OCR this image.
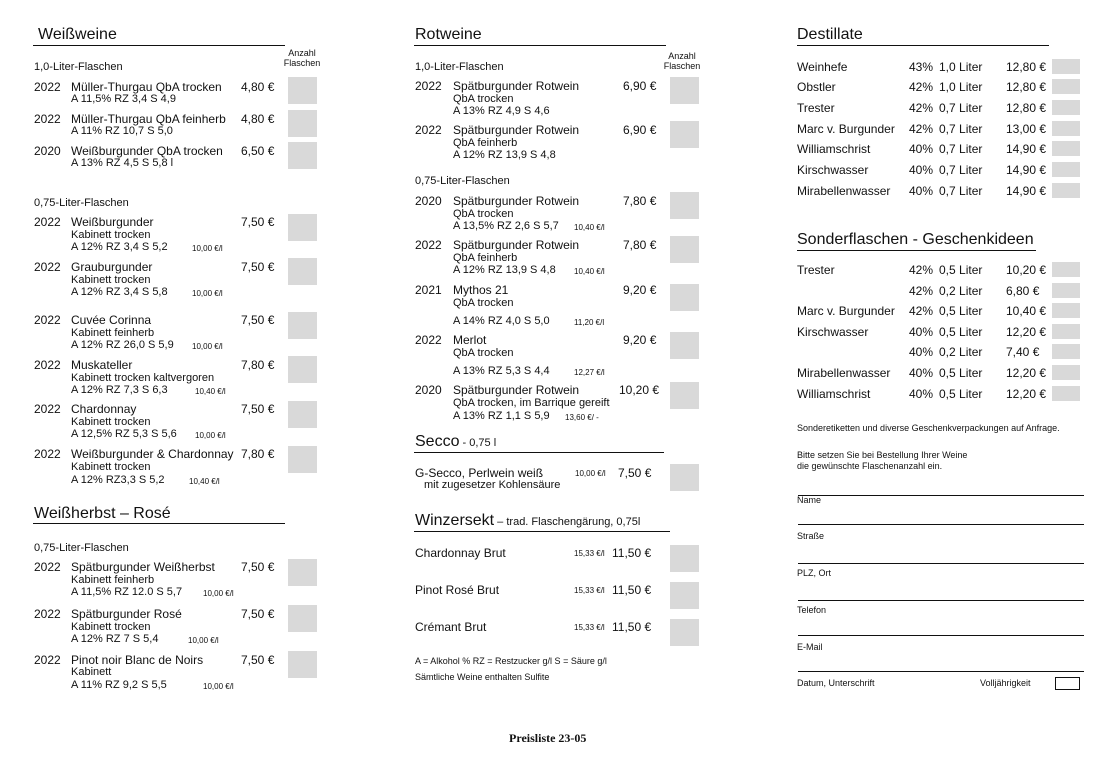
Weißweine
Anzahl Flaschen
1,0-Liter-Flaschen
2022 Müller-Thurgau QbA trocken
A 11,5% RZ 3,4 S 4,9
4,80 €
2022 Müller-Thurgau QbA feinherb
A 11% RZ 10,7 S 5,0
4,80 €
2020 Weißburgunder QbA trocken
A 13% RZ 4,5 S 5,8 l
6,50 €
0,75-Liter-Flaschen
2022 Weißburgunder
Kabinett trocken
A 12% RZ 3,4 S 5,2	10,00 €/l
7,50 €
2022 Grauburgunder
Kabinett trocken
A 12% RZ 3,4 S 5,8	10,00 €/l
7,50 €
2022 Cuvée Corinna
Kabinett feinherb
A 12% RZ 26,0 S 5,9 10,00 €/l
7,50 €
2022 Muskateller
Kabinett trocken kaltvergoren
A 12% RZ 7,3 S 6,3	10,40 €/l
7,80 €
2022 Chardonnay
Kabinett trocken
A 12,5% RZ 5,3 S 5,6 10,00 €/l
7,50 €
2022 Weißburgunder & Chardonnay
Kabinett trocken
A 12% RZ3,3 S 5,2	10,40 €/l
7,80 €
Weißherbst – Rosé
0,75-Liter-Flaschen
2022 Spätburgunder Weißherbst
Kabinett feinherb
A 11,5% RZ 12.0 S 5,7	10,00 €/l
7,50 €
2022 Spätburgunder Rosé
Kabinett trocken
A 12% RZ 7 S 5,4	10,00 €/l
7,50 €
2022 Pinot noir Blanc de Noirs
Kabinett
A 11% RZ 9,2 S 5,5	10,00 €/l
7,50 €
Rotweine
Anzahl Flaschen
1,0-Liter-Flaschen
2022 Spätburgunder Rotwein
QbA trocken
A 13% RZ 4,9 S 4,6
6,90 €
2022 Spätburgunder Rotwein
QbA feinherb
A 12% RZ 13,9 S 4,8
6,90 €
0,75-Liter-Flaschen
2020 Spätburgunder Rotwein
QbA trocken
A 13,5% RZ 2,6 S 5,7 10,40 €/l
7,80 €
2022 Spätburgunder Rotwein
QbA feinherb
A 12% RZ 13,9 S 4,8 10,40 €/l
7,80 €
2021 Mythos 21
QbA trocken
A 14% RZ 4,0 S 5,0	11,20 €/l
9,20 €
2022 Merlot
QbA trocken
A 13% RZ 5,3 S 4,4	12,27 €/l
9,20 €
2020 Spätburgunder Rotwein
QbA trocken, im Barrique gereift
A 13% RZ 1,1 S 5,9 13,60 €/ -
10,20 €
Secco - 0,75 l
G-Secco, Perlwein weiß
mit zugesetzer Kohlensäure
10,00 €/l 7,50 €
Winzersekt – trad. Flaschengärung, 0,75l
Chardonnay Brut	15,33 €/l 11,50 €
Pinot Rosé Brut	15,33 €/l 11,50 €
Crémant Brut	15,33 €/l 11,50 €
A = Alkohol % RZ = Restzucker g/l S = Säure g/l
Sämtliche Weine enthalten Sulfite
Destillate
Weinhefe	43% 1,0 Liter 12,80 €
Obstler	42% 1,0 Liter 12,80 €
Trester	42% 0,7 Liter 12,80 €
Marc v. Burgunder 42% 0,7 Liter 13,00 €
Williamschrist	40% 0,7 Liter 14,90 €
Kirschwasser	40% 0,7 Liter 14,90 €
Mirabellenwasser 40% 0,7 Liter 14,90 €
Sonderflaschen - Geschenkideen
Trester	42% 0,5 Liter 10,20 €
42% 0,2 Liter 6,80 €
Marc v. Burgunder 42% 0,5 Liter 10,40 €
Kirschwasser	40% 0,5 Liter 12,20 €
40% 0,2 Liter 7,40 €
Mirabellenwasser 40% 0,5 Liter 12,20 €
Williamschrist	40% 0,5 Liter 12,20 €
Sonderetiketten und diverse Geschenkverpackungen auf Anfrage.
Bitte setzen Sie bei Bestellung Ihrer Weine
die gewünschte Flaschenanzahl ein.
Name
Straße
PLZ, Ort
Telefon
E-Mail
Datum, Unterschrift	Volljährigkeit
Preisliste 23-05
